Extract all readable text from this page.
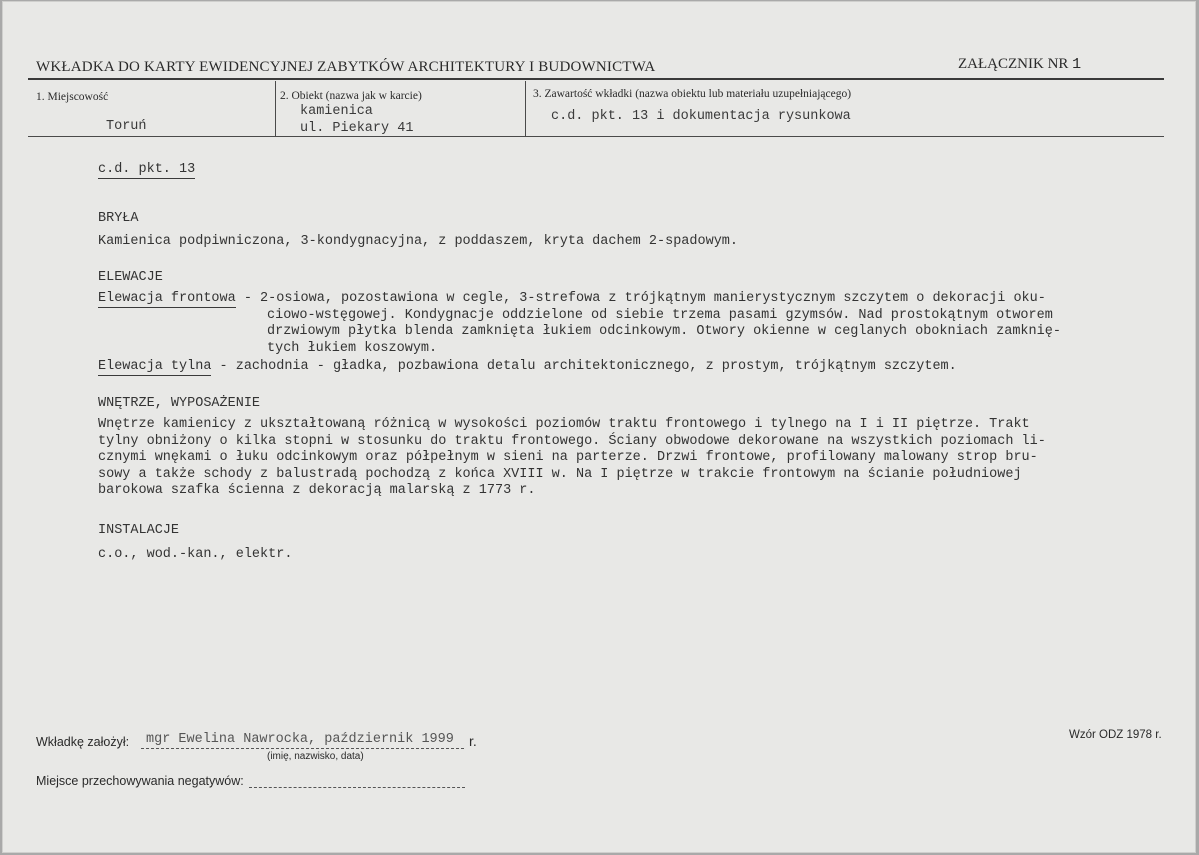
WKŁADKA DO KARTY EWIDENCYJNEJ ZABYTKÓW ARCHITEKTURY I BUDOWNICTWA	ZAŁĄCZNIK NR 1
1. Miejscowość
Toruń
2. Obiekt (nazwa jak w karcie)
kamienica
ul. Piekary 41
3. Zawartość wkładki (nazwa obiektu lub materiału uzupełniającego)
c.d. pkt. 13 i dokumentacja rysunkowa
c.d. pkt. 13
BRYŁA
Kamienica podpiwniczona, 3-kondygnacyjna, z poddaszem, kryta dachem 2-spadowym.
ELEWACJE
Elewacja frontowa - 2-osiowa, pozostawiona w cegle, 3-strefowa z trójkątnym manierystycznym szczytem o dekoracji oku-
ciowo-wstęgowej. Kondygnacje oddzielone od siebie trzema pasami gzymsów. Nad prostokątnym otworem
drzwiowym płytka blenda zamknięta łukiem odcinkowym. Otwory okienne w ceglanych obokniach zamknię-
tych łukiem koszowym.
Elewacja tylna - zachodnia - gładka, pozbawiona detalu architektonicznego, z prostym, trójkątnym szczytem.
WNĘTRZE, WYPOSAŻENIE
Wnętrze kamienicy z ukształtowaną różnicą w wysokości poziomów traktu frontowego i tylnego na I i II piętrze. Trakt
tylny obniżony o kilka stopni w stosunku do traktu frontowego. Ściany obwodowe dekorowane na wszystkich poziomach li-
cznymi wnękami o łuku odcinkowym oraz półpełnym w sieni na parterze. Drzwi frontowe, profilowany malowany strop bru-
sowy a także schody z balustradą pochodzą z końca XVIII w. Na I piętrze w trakcie frontowym na ścianie południowej
barokowa szafka ścienna z dekoracją malarską z 1773 r.
INSTALACJE
c.o., wod.-kan., elektr.
Wkładkę założył: mgr Ewelina Nawrocka, październik 1999 r.
(imię, nazwisko, data)
Wzór ODZ 1978 r.
Miejsce przechowywania negatywów:
